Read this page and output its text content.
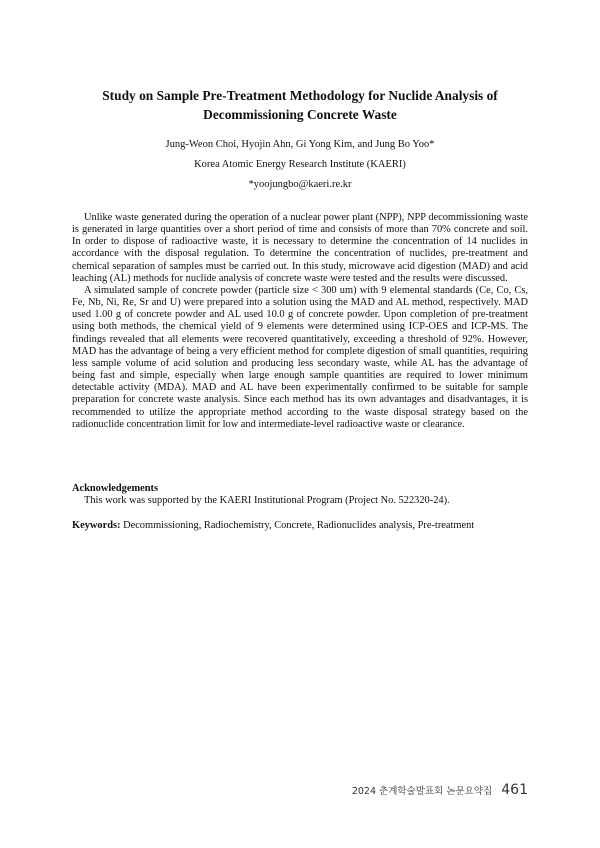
Study on Sample Pre-Treatment Methodology for Nuclide Analysis of
Decommissioning Concrete Waste
Jung-Weon Choi, Hyojin Ahn, Gi Yong Kim, and Jung Bo Yoo*
Korea Atomic Energy Research Institute (KAERI)
*yoojungbo@kaeri.re.kr

Unlike waste generated during the operation of a nuclear power plant (NPP), NPP decommissioning waste is generated in large quantities over a short period of time and consists of more than 70% concrete and soil. In order to dispose of radioactive waste, it is necessary to determine the concentration of 14 nuclides in accordance with the disposal regulation. To determine the concentration of nuclides, pre-treatment and chemical separation of samples must be carried out. In this study, microwave acid digestion (MAD) and acid leaching (AL) methods for nuclide analysis of concrete waste were tested and the results were discussed.

A simulated sample of concrete powder (particle size < 300 um) with 9 elemental standards (Ce, Co, Cs, Fe, Nb, Ni, Re, Sr and U) were prepared into a solution using the MAD and AL method, respectively. MAD used 1.00 g of concrete powder and AL used 10.0 g of concrete powder. Upon completion of pre-treatment using both methods, the chemical yield of 9 elements were determined using ICP-OES and ICP-MS. The findings revealed that all elements were recovered quantitatively, exceeding a threshold of 92%. However, MAD has the advantage of being a very efficient method for complete digestion of small quantities, requiring less sample volume of acid solution and producing less secondary waste, while AL has the advantage of being fast and simple, especially when large enough sample quantities are required to lower minimum detectable activity (MDA). MAD and AL have been experimentally confirmed to be suitable for sample preparation for concrete waste analysis. Since each method has its own advantages and disadvantages, it is recommended to utilize the appropriate method according to the waste disposal strategy based on the radionuclide concentration limit for low and intermediate-level radioactive waste or clearance.

Acknowledgements
This work was supported by the KAERI Institutional Program (Project No. 522320-24).
Keywords: Decommissioning, Radiochemistry, Concrete, Radionuclides analysis, Pre-treatment
2024 춘계학술발표회 논문요약집 461
